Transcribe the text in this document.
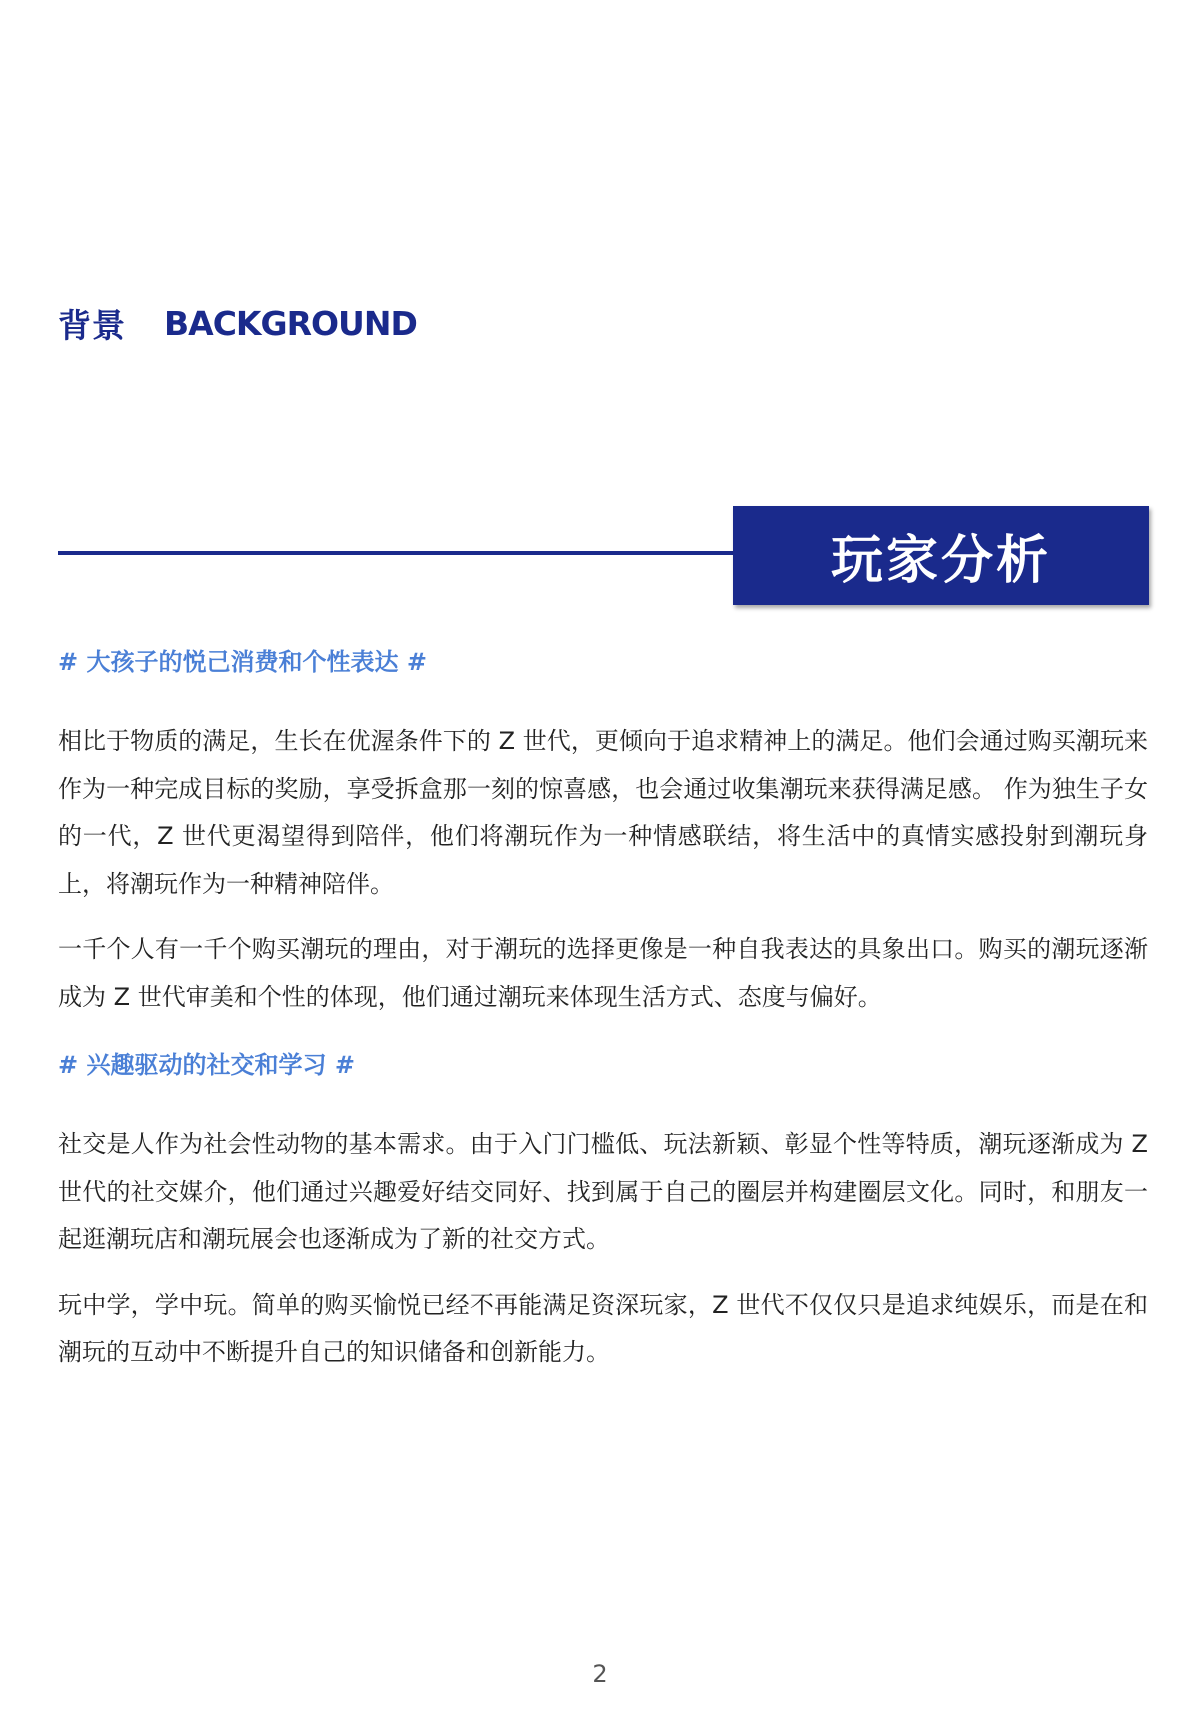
背景 BACKGROUND
玩家分析

# 大孩子的悦己消费和个性表达 #

相比于物质的满足，生长在优渥条件下的 Z 世代，更倾向于追求精神上的满足。他们会通过购买潮玩来作为一种完成目标的奖励，享受拆盒那一刻的惊喜感，也会通过收集潮玩来获得满足感。 作为独生子女的一代，Z 世代更渴望得到陪伴，他们将潮玩作为一种情感联结，将生活中的真情实感投射到潮玩身上，将潮玩作为一种精神陪伴。

一千个人有一千个购买潮玩的理由，对于潮玩的选择更像是一种自我表达的具象出口。购买的潮玩逐渐成为 Z 世代审美和个性的体现，他们通过潮玩来体现生活方式、态度与偏好。

# 兴趣驱动的社交和学习 #

社交是人作为社会性动物的基本需求。由于入门门槛低、玩法新颖、彰显个性等特质，潮玩逐渐成为 Z 世代的社交媒介，他们通过兴趣爱好结交同好、找到属于自己的圈层并构建圈层文化。同时，和朋友一起逛潮玩店和潮玩展会也逐渐成为了新的社交方式。

玩中学，学中玩。简单的购买愉悦已经不再能满足资深玩家，Z 世代不仅仅只是追求纯娱乐，而是在和潮玩的互动中不断提升自己的知识储备和创新能力。

2
